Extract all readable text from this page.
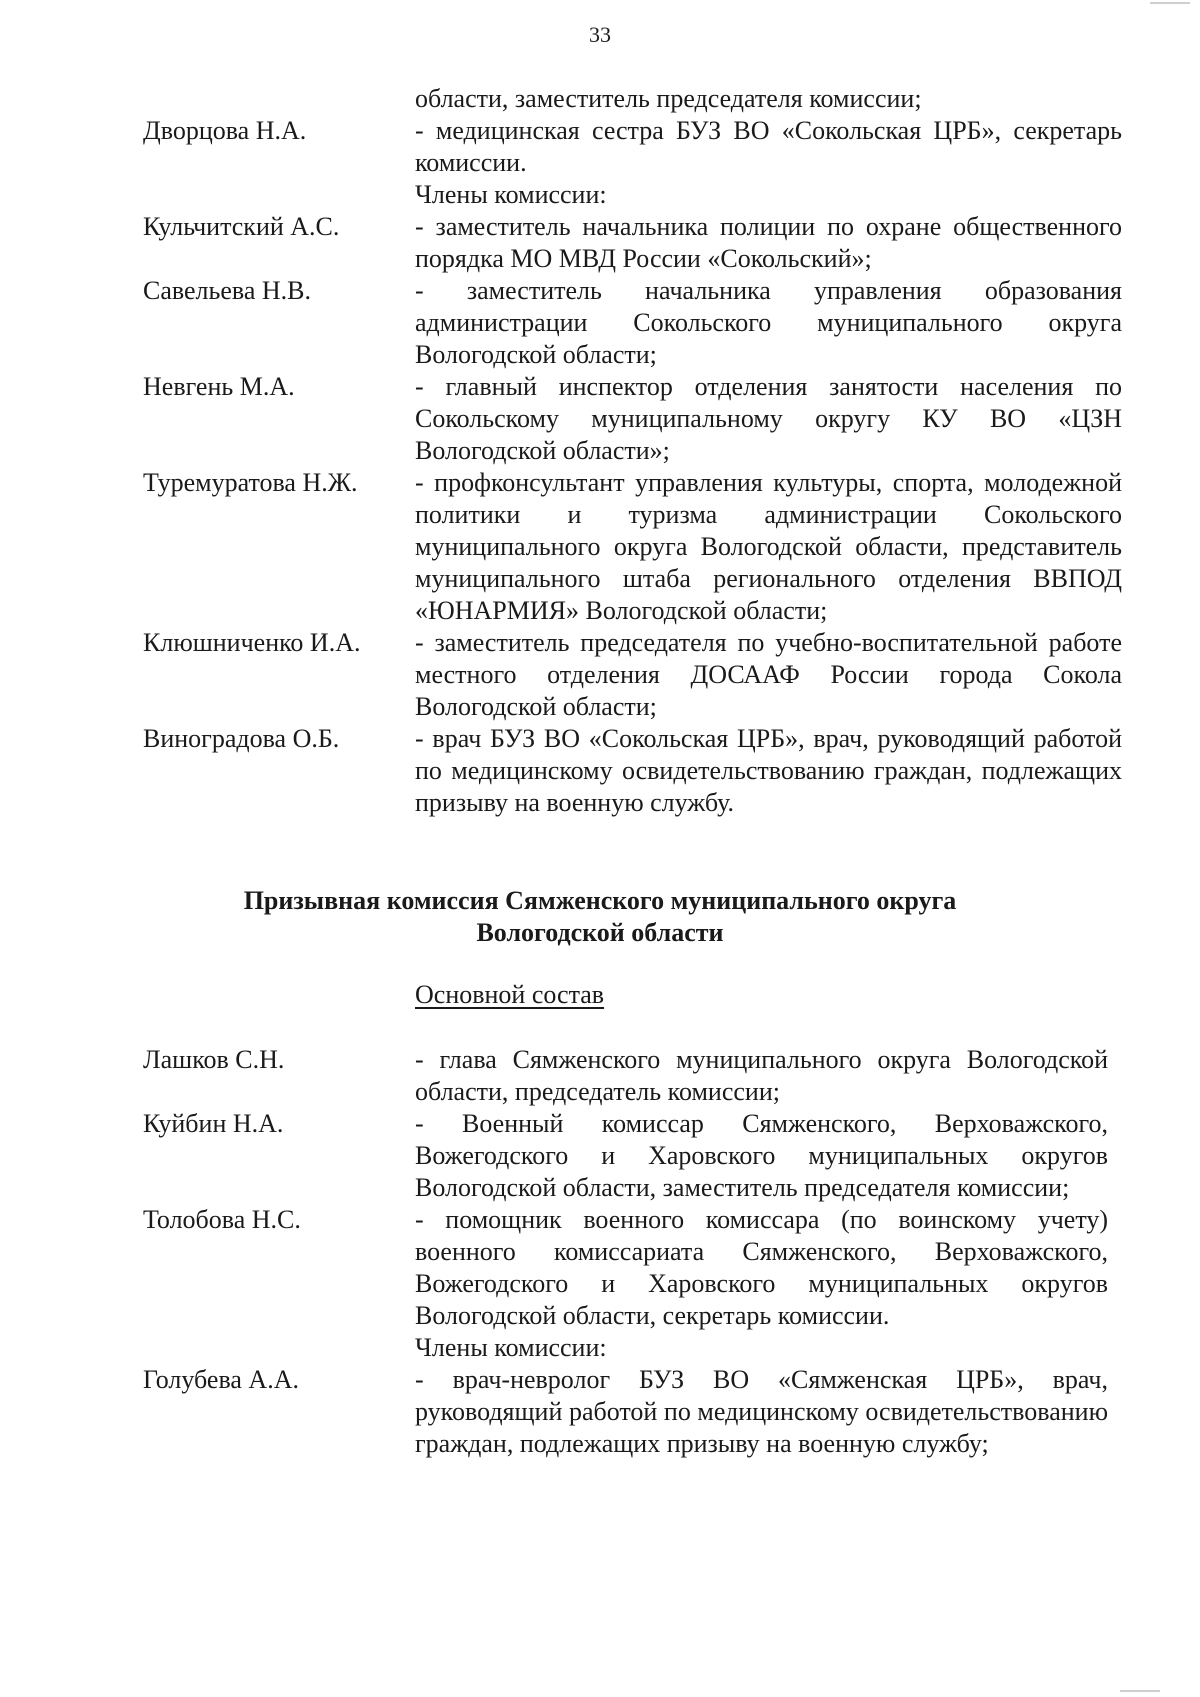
33
области, заместитель председателя комиссии;
Дворцова Н.А.	- медицинская сестра БУЗ ВО «Сокольская ЦРБ», секретарь комиссии.
Члены комиссии:
Кульчитский А.С.	- заместитель начальника полиции по охране общественного порядка МО МВД России «Сокольский»;
Савельева Н.В.	- заместитель начальника управления образования администрации Сокольского муниципального округа Вологодской области;
Невгень М.А.	- главный инспектор отделения занятости населения по Сокольскому муниципальному округу КУ ВО «ЦЗН Вологодской области»;
Туремуратова Н.Ж.	- профконсультант управления культуры, спорта, молодежной политики и туризма администрации Сокольского муниципального округа Вологодской области, представитель муниципального штаба регионального отделения ВВПОД «ЮНАРМИЯ» Вологодской области;
Клюшниченко И.А.	- заместитель председателя по учебно-воспитательной работе местного отделения ДОСААФ России города Сокола Вологодской области;
Виноградова О.Б.	- врач БУЗ ВО «Сокольская ЦРБ», врач, руководящий работой по медицинскому освидетельствованию граждан, подлежащих призыву на военную службу.
Призывная комиссия Сямженского муниципального округа
Вологодской области
Основной состав
Лашков С.Н.	- глава Сямженского муниципального округа Вологодской области, председатель комиссии;
Куйбин Н.А.	- Военный комиссар Сямженского, Верховажского, Вожегодского и Харовского муниципальных округов Вологодской области, заместитель председателя комиссии;
Толобова Н.С.	- помощник военного комиссара (по воинскому учету) военного комиссариата Сямженского, Верховажского, Вожегодского и Харовского муниципальных округов Вологодской области, секретарь комиссии.
Члены комиссии:
Голубева А.А.	- врач-невролог БУЗ ВО «Сямженская ЦРБ», врач, руководящий работой по медицинскому освидетельствованию граждан, подлежащих призыву на военную службу;
